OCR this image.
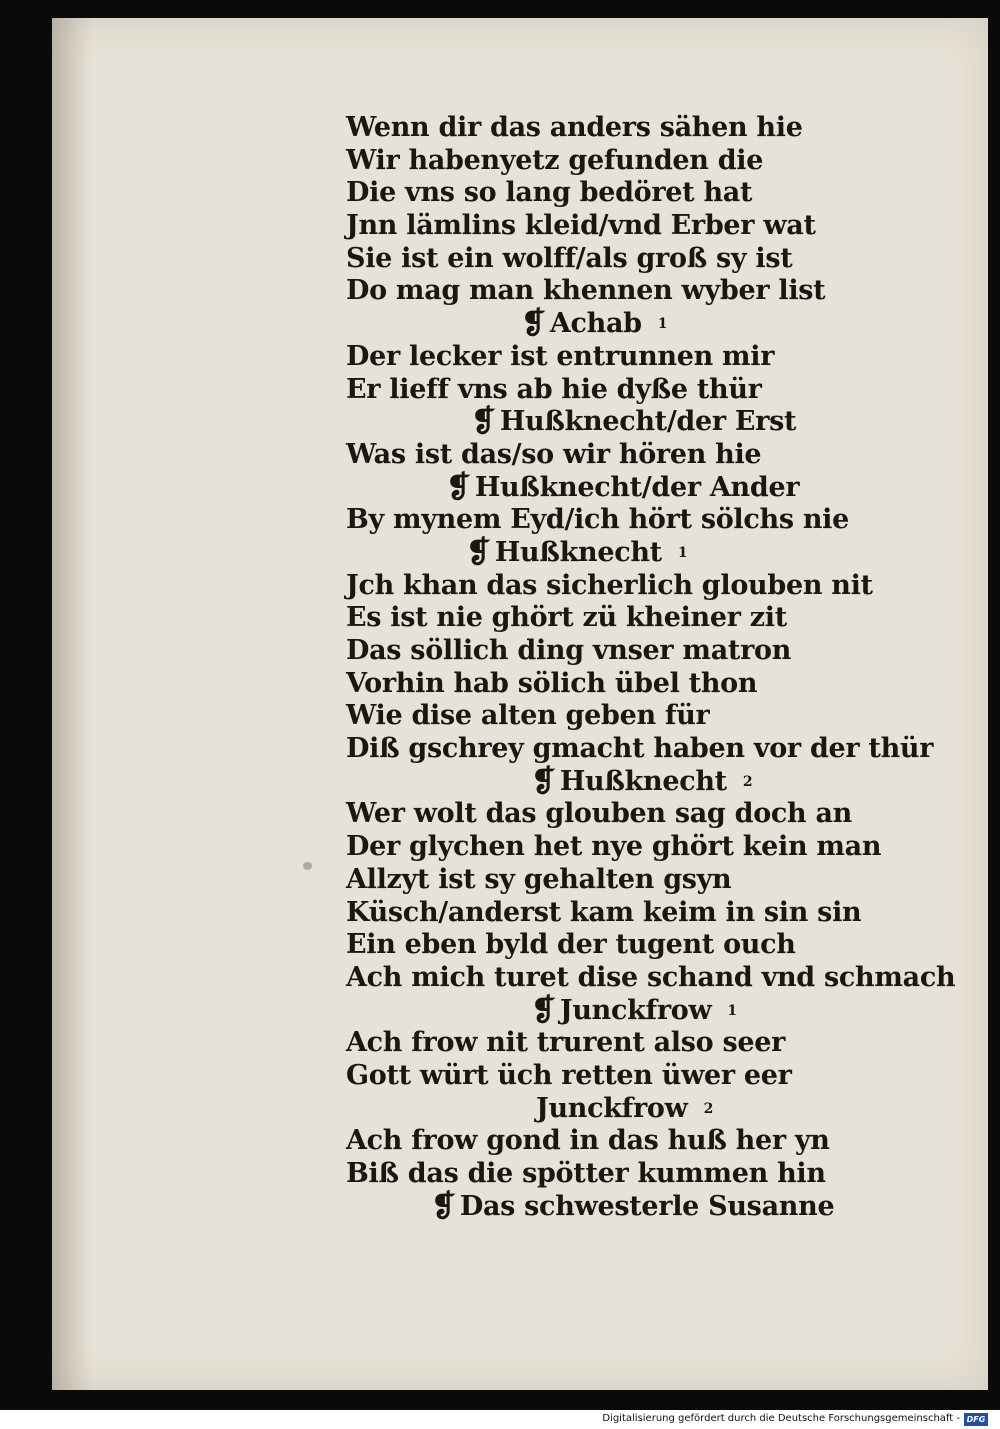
Wenn dir das anders sähen hie
Wir habenyetz gefunden die
Die vns so lang bedöret hat
Jnn lämlins kleid/vnd Erber wat
Sie ist ein wolff/als groß sy ist
Do mag man khennen wyber list
❡ Achab 1
Der lecker ist entrunnen mir
Er lieff vns ab hie dyße thür
❡ Hußknecht/der Erst
Was ist das/so wir hören hie
❡ Hußknecht/der Ander
By mynem Eyd/ich hört sölchs nie
❡ Hußknecht 1
Jch khan das sicherlich glouben nit
Es ist nie ghört zü kheiner zit
Das söllich ding vnser matron
Vorhin hab sölich übel thon
Wie dise alten geben für
Diß gschrey gmacht haben vor der thür
❡ Hußknecht 2
Wer wolt das glouben sag doch an
Der glychen het nye ghört kein man
Allzyt ist sy gehalten gsyn
Küsch/anderst kam keim in sin sin
Ein eben byld der tugent ouch
Ach mich turet dise schand vnd schmach
❡ Junckfrow 1
Ach frow nit trurent also seer
Gott würt üch retten üwer eer
Junckfrow 2
Ach frow gond in das huß her yn
Biß das die spötter kummen hin
❡ Das schwesterle Susanne
Digitalisierung gefördert durch die Deutsche Forschungsgemeinschaft - DFG
